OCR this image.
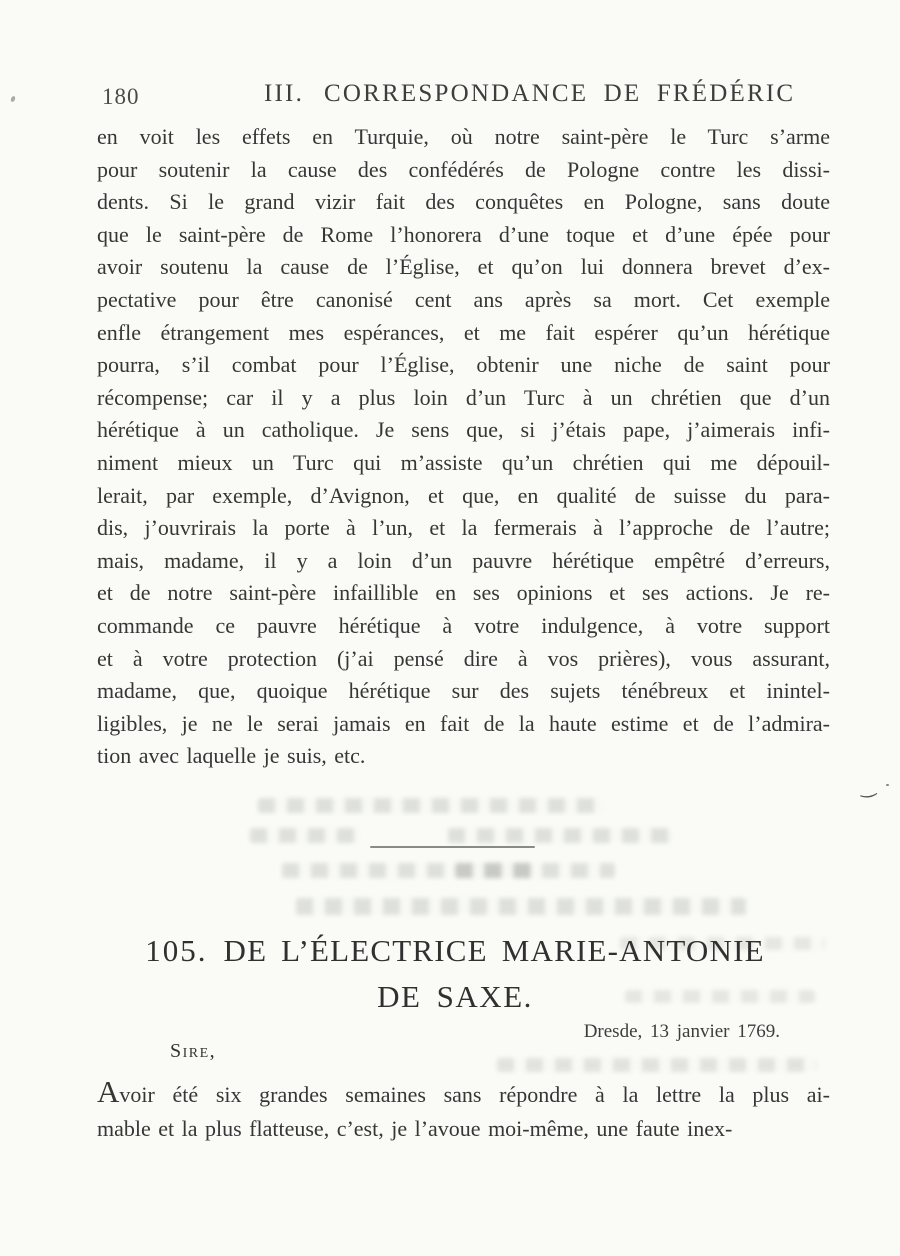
180	III. CORRESPONDANCE DE FRÉDÉRIC
en voit les effets en Turquie, où notre saint-père le Turc s’arme
pour soutenir la cause des confédérés de Pologne contre les dissi-
dents. Si le grand vizir fait des conquêtes en Pologne, sans doute
que le saint-père de Rome l’honorera d’une toque et d’une épée pour
avoir soutenu la cause de l’Église, et qu’on lui donnera brevet d’ex-
pectative pour être canonisé cent ans après sa mort. Cet exemple
enfle étrangement mes espérances, et me fait espérer qu’un hérétique
pourra, s’il combat pour l’Église, obtenir une niche de saint pour
récompense; car il y a plus loin d’un Turc à un chrétien que d’un
hérétique à un catholique. Je sens que, si j’étais pape, j’aimerais infi-
niment mieux un Turc qui m’assiste qu’un chrétien qui me dépouil-
lerait, par exemple, d’Avignon, et que, en qualité de suisse du para-
dis, j’ouvrirais la porte à l’un, et la fermerais à l’approche de l’autre;
mais, madame, il y a loin d’un pauvre hérétique empêtré d’erreurs,
et de notre saint-père infaillible en ses opinions et ses actions. Je re-
commande ce pauvre hérétique à votre indulgence, à votre support
et à votre protection (j’ai pensé dire à vos prières), vous assurant,
madame, que, quoique hérétique sur des sujets ténébreux et inintel-
ligibles, je ne le serai jamais en fait de la haute estime et de l’admira-
tion avec laquelle je suis, etc.
‿
105. DE L’ÉLECTRICE MARIE-ANTONIE
DE SAXE.
Dresde, 13 janvier 1769.
Sire,
Avoir été six grandes semaines sans répondre à la lettre la plus ai-
mable et la plus flatteuse, c’est, je l’avoue moi-même, une faute inex-
